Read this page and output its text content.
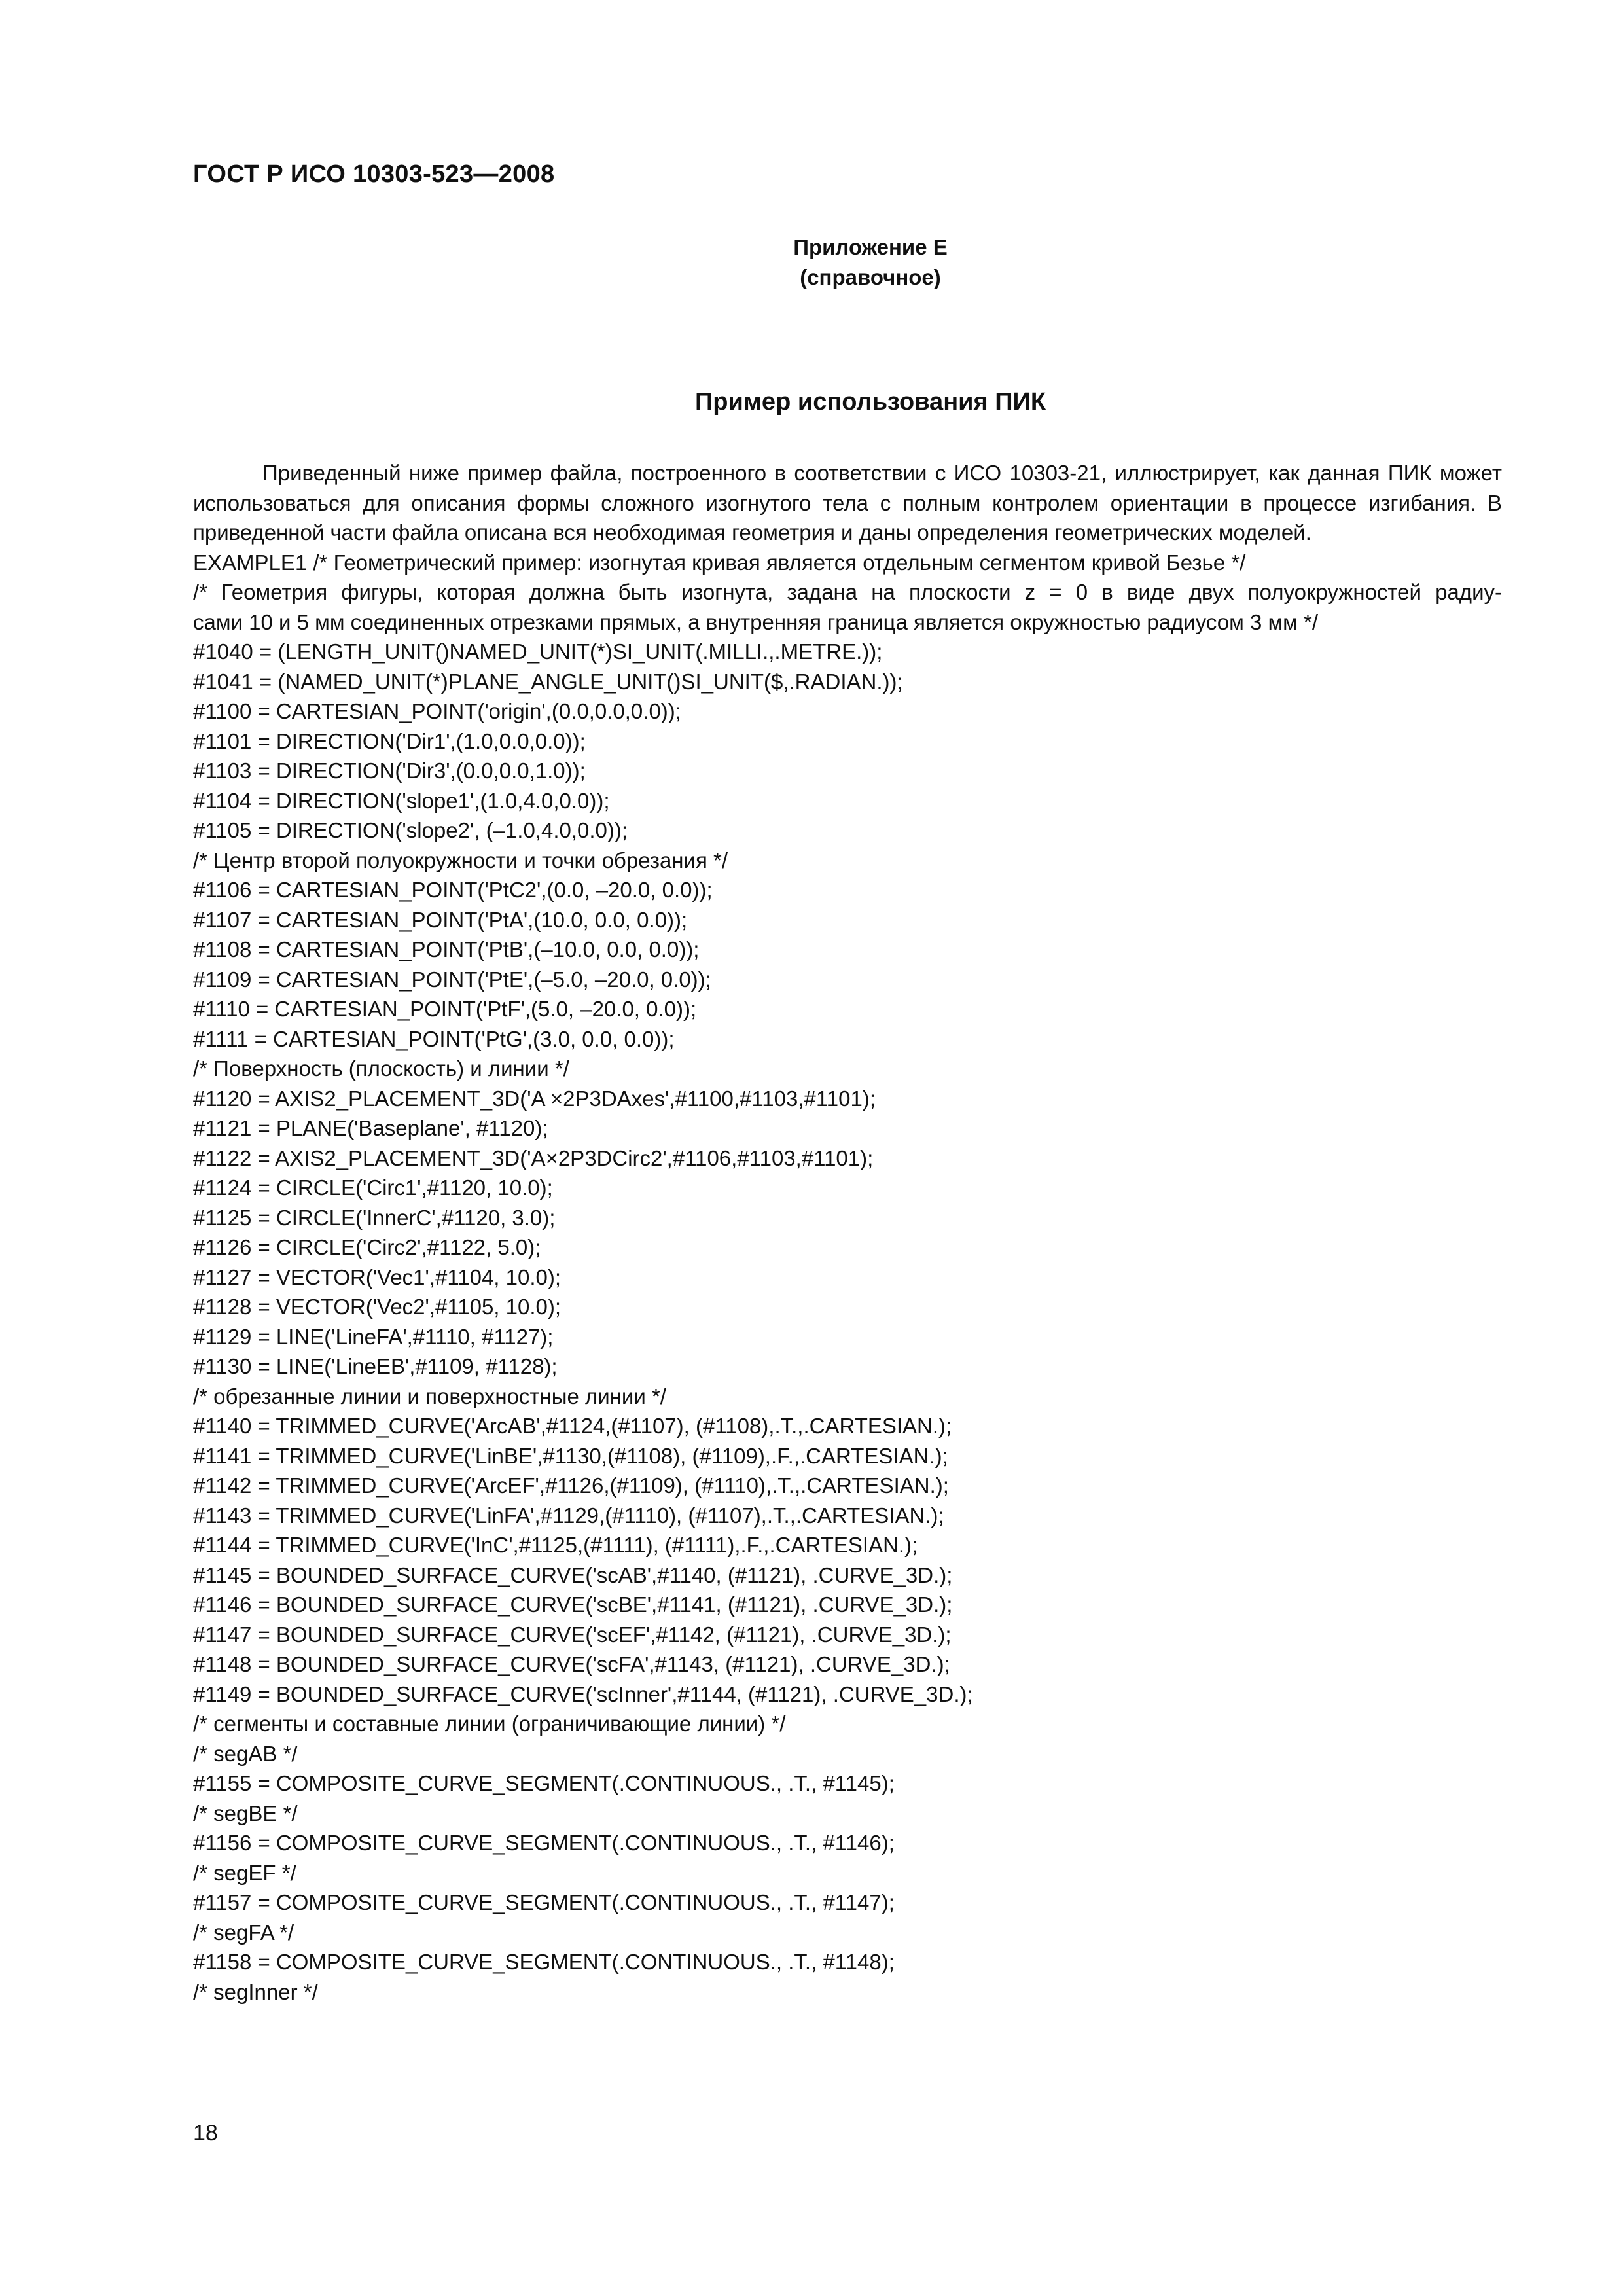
ГОСТ Р ИСО 10303-523—2008
Приложение Е
(справочное)
Пример использования ПИК

Приведенный ниже пример файла, построенного в соответствии с ИСО 10303-21, иллюстрирует, как данная ПИК может использоваться для описания формы сложного изогнутого тела с полным контролем ориентации в процессе изгибания. В приведенной части файла описана вся необходимая геометрия и даны определения геометрических моделей.

EXAMPLE1 /* Геометрический пример: изогнутая кривая является отдельным сегментом кривой Безье */
/* Геометрия фигуры, которая должна быть изогнута, задана на плоскости z = 0 в виде двух полуокружностей радиу-
сами 10 и 5 мм соединенных отрезками прямых, а внутренняя граница является окружностью радиусом 3 мм */
#1040 = (LENGTH_UNIT()NAMED_UNIT(*)SI_UNIT(.MILLI.,.METRE.));
#1041 = (NAMED_UNIT(*)PLANE_ANGLE_UNIT()SI_UNIT($,.RADIAN.));
#1100 = CARTESIAN_POINT('origin',(0.0,0.0,0.0));
#1101 = DIRECTION('Dir1',(1.0,0.0,0.0));
#1103 = DIRECTION('Dir3',(0.0,0.0,1.0));
#1104 = DIRECTION('slope1',(1.0,4.0,0.0));
#1105 = DIRECTION('slope2', (–1.0,4.0,0.0));
/* Центр второй полуокружности и точки обрезания */
#1106 = CARTESIAN_POINT('PtC2',(0.0, –20.0, 0.0));
#1107 = CARTESIAN_POINT('PtA',(10.0, 0.0, 0.0));
#1108 = CARTESIAN_POINT('PtB',(–10.0, 0.0, 0.0));
#1109 = CARTESIAN_POINT('PtE',(–5.0, –20.0, 0.0));
#1110 = CARTESIAN_POINT('PtF',(5.0, –20.0, 0.0));
#1111 = CARTESIAN_POINT('PtG',(3.0, 0.0, 0.0));
/* Поверхность (плоскость) и линии */
#1120 = AXIS2_PLACEMENT_3D('A ×2P3DAxes',#1100,#1103,#1101);
#1121 = PLANE('Baseplane', #1120);
#1122 = AXIS2_PLACEMENT_3D('A×2P3DCirc2',#1106,#1103,#1101);
#1124 = CIRCLE('Circ1',#1120, 10.0);
#1125 = CIRCLE('InnerC',#1120, 3.0);
#1126 = CIRCLE('Circ2',#1122, 5.0);
#1127 = VECTOR('Vec1',#1104, 10.0);
#1128 = VECTOR('Vec2',#1105, 10.0);
#1129 = LINE('LineFA',#1110, #1127);
#1130 = LINE('LineEB',#1109, #1128);
/* обрезанные линии и поверхностные линии */
#1140 = TRIMMED_CURVE('ArcAB',#1124,(#1107), (#1108),.T.,.CARTESIAN.);
#1141 = TRIMMED_CURVE('LinBE',#1130,(#1108), (#1109),.F.,.CARTESIAN.);
#1142 = TRIMMED_CURVE('ArcEF',#1126,(#1109), (#1110),.T.,.CARTESIAN.);
#1143 = TRIMMED_CURVE('LinFA',#1129,(#1110), (#1107),.T.,.CARTESIAN.);
#1144 = TRIMMED_CURVE('InC',#1125,(#1111), (#1111),.F.,.CARTESIAN.);
#1145 = BOUNDED_SURFACE_CURVE('scAB',#1140, (#1121), .CURVE_3D.);
#1146 = BOUNDED_SURFACE_CURVE('scBE',#1141, (#1121), .CURVE_3D.);
#1147 = BOUNDED_SURFACE_CURVE('scEF',#1142, (#1121), .CURVE_3D.);
#1148 = BOUNDED_SURFACE_CURVE('scFA',#1143, (#1121), .CURVE_3D.);
#1149 = BOUNDED_SURFACE_CURVE('scInner',#1144, (#1121), .CURVE_3D.);
/* сегменты и составные линии (ограничивающие линии) */
/* segAB */
#1155 = COMPOSITE_CURVE_SEGMENT(.CONTINUOUS., .T., #1145);
/* segBE */
#1156 = COMPOSITE_CURVE_SEGMENT(.CONTINUOUS., .T., #1146);
/* segEF */
#1157 = COMPOSITE_CURVE_SEGMENT(.CONTINUOUS., .T., #1147);
/* segFA */
#1158 = COMPOSITE_CURVE_SEGMENT(.CONTINUOUS., .T., #1148);
/* segInner */
18
